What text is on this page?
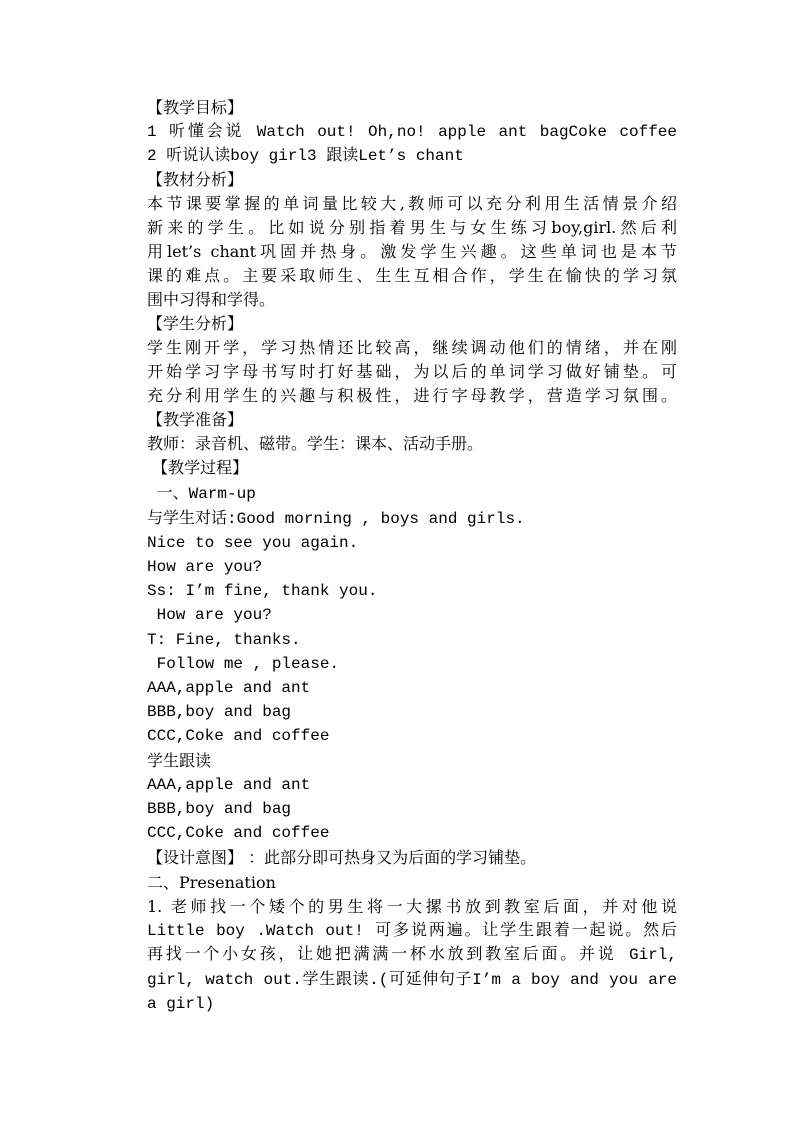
【教学目标】
1 听懂会说 Watch out! Oh,no! apple ant bagCoke coffee
2 听说认读boy girl3 跟读Let’s chant
【教材分析】
本节课要掌握的单词量比较大,教师可以充分利用生活情景介绍
新来的学生。比如说分别指着男生与女生练习boy,girl.然后利
用let’s chant巩固并热身。激发学生兴趣。这些单词也是本节
课的难点。主要采取师生、生生互相合作，学生在愉快的学习氛
围中习得和学得。
【学生分析】
学生刚开学，学习热情还比较高，继续调动他们的情绪，并在刚
开始学习字母书写时打好基础，为以后的单词学习做好铺垫。可
充分利用学生的兴趣与积极性，进行字母教学，营造学习氛围。
【教学准备】
教师：录音机、磁带。学生：课本、活动手册。
【教学过程】
一、Warm-up
与学生对话:Good morning , boys and girls.
Nice to see you again.
How are you?
Ss: I’m fine, thank you.
How are you?
T: Fine, thanks.
Follow me , please.
AAA,apple and ant
BBB,boy and bag
CCC,Coke and coffee
学生跟读
AAA,apple and ant
BBB,boy and bag
CCC,Coke and coffee
【设计意图】 ：此部分即可热身又为后面的学习铺垫。
二、Presenation
1. 老师找一个矮个的男生将一大摞书放到教室后面，并对他说
Little boy .Watch out! 可多说两遍。让学生跟着一起说。然后
再找一个小女孩，让她把满满一杯水放到教室后面。并说 Girl,
girl, watch out.学生跟读.(可延伸句子I’m a boy and you are
a girl)
